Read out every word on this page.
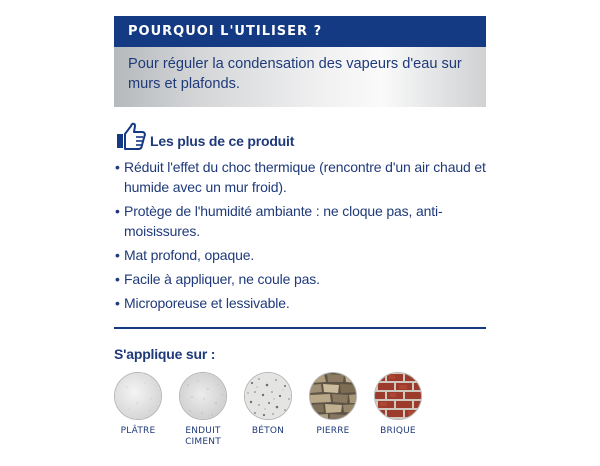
POURQUOI L'UTILISER ?
Pour réguler la condensation des vapeurs d'eau sur murs et plafonds.
Les plus de ce produit
• Réduit l'effet du choc thermique (rencontre d'un air chaud et humide avec un mur froid).
• Protège de l'humidité ambiante : ne cloque pas, anti-moisissures.
• Mat profond, opaque.
• Facile à appliquer, ne coule pas.
• Microporeuse et lessivable.
S'applique sur :
PLÂTRE	ENDUIT CIMENT
BÉTON	PIERRE	BRIQUE
